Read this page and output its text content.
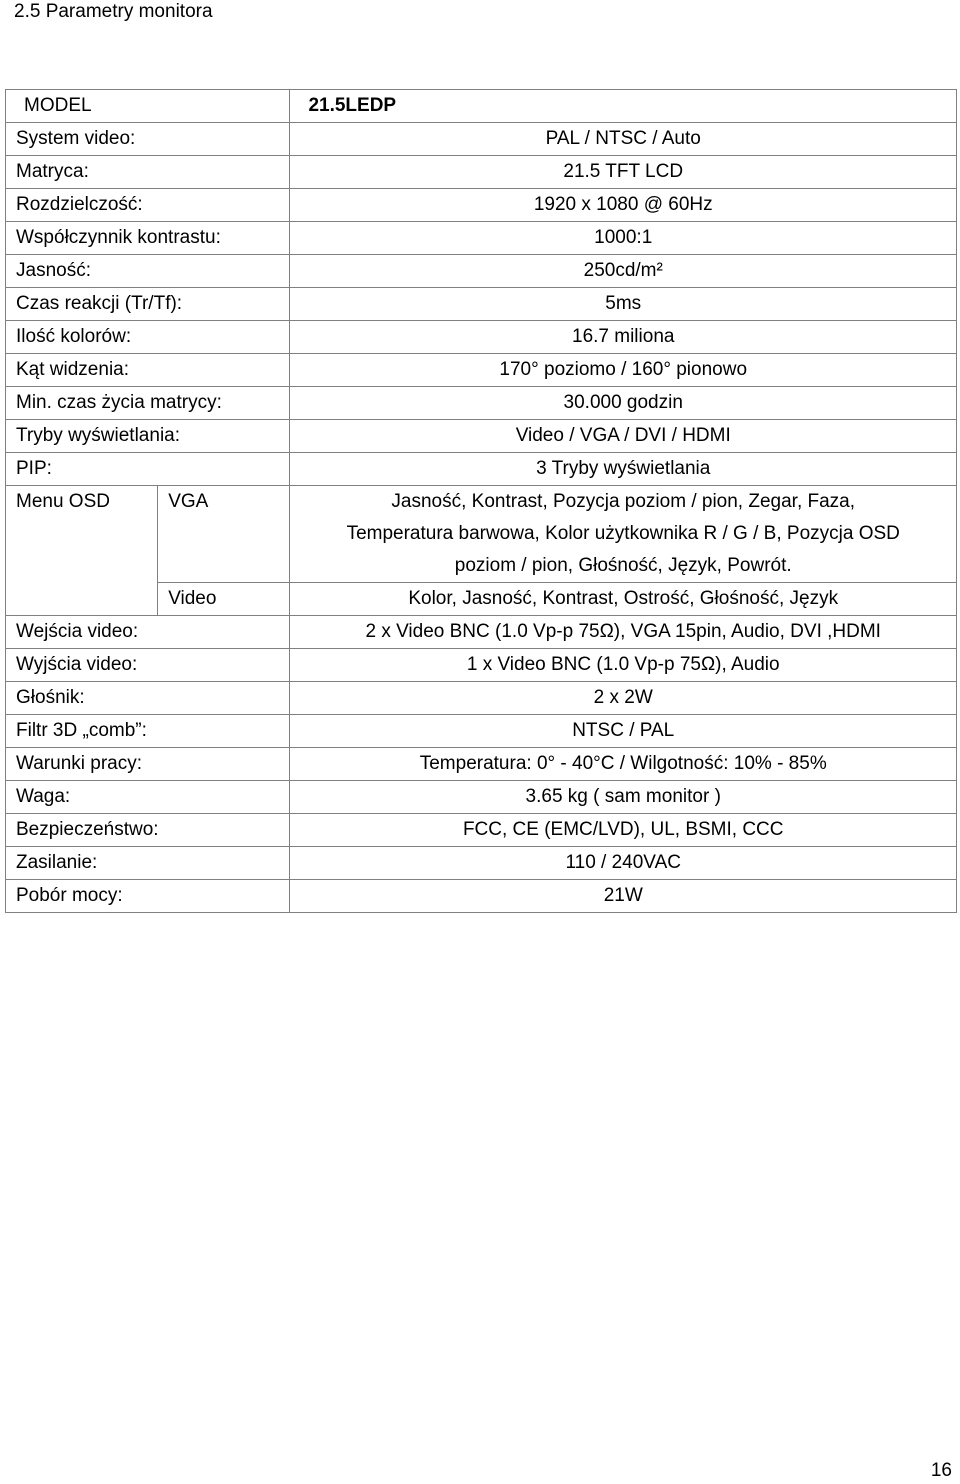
2.5 Parametry monitora
MODEL		21.5LEDP
System video:		PAL / NTSC / Auto
Matryca:		21.5 TFT LCD
Rozdzielczość:		1920 x 1080 @ 60Hz
Współczynnik kontrastu:		1000:1
Jasność:		250cd/m²
Czas reakcji (Tr/Tf):		5ms
Ilość kolorów:		16.7 miliona
Kąt widzenia:		170° poziomo / 160° pionowo
Min. czas życia matrycy:		30.000 godzin
Tryby wyświetlania:		Video / VGA / DVI / HDMI
PIP:		3 Tryby wyświetlania
Menu OSD	VGA	Jasność, Kontrast, Pozycja poziom / pion, Zegar, Faza,
Temperatura barwowa, Kolor użytkownika R / G / B, Pozycja OSD
poziom / pion, Głośność, Język, Powrót.

	Video	Kolor, Jasność, Kontrast, Ostrość, Głośność, Język
Wejścia video:		2 x Video BNC (1.0 Vp-p 75Ω), VGA 15pin, Audio, DVI ,HDMI
Wyjścia video:		1 x Video BNC (1.0 Vp-p 75Ω), Audio
Głośnik:		2 x 2W
Filtr 3D „comb”:		NTSC / PAL
Warunki pracy:		Temperatura: 0° - 40°C / Wilgotność: 10% - 85%
Waga:		3.65 kg ( sam monitor )
Bezpieczeństwo:		FCC, CE (EMC/LVD), UL, BSMI, CCC
Zasilanie:		110 / 240VAC
Pobór mocy:		21W
16
